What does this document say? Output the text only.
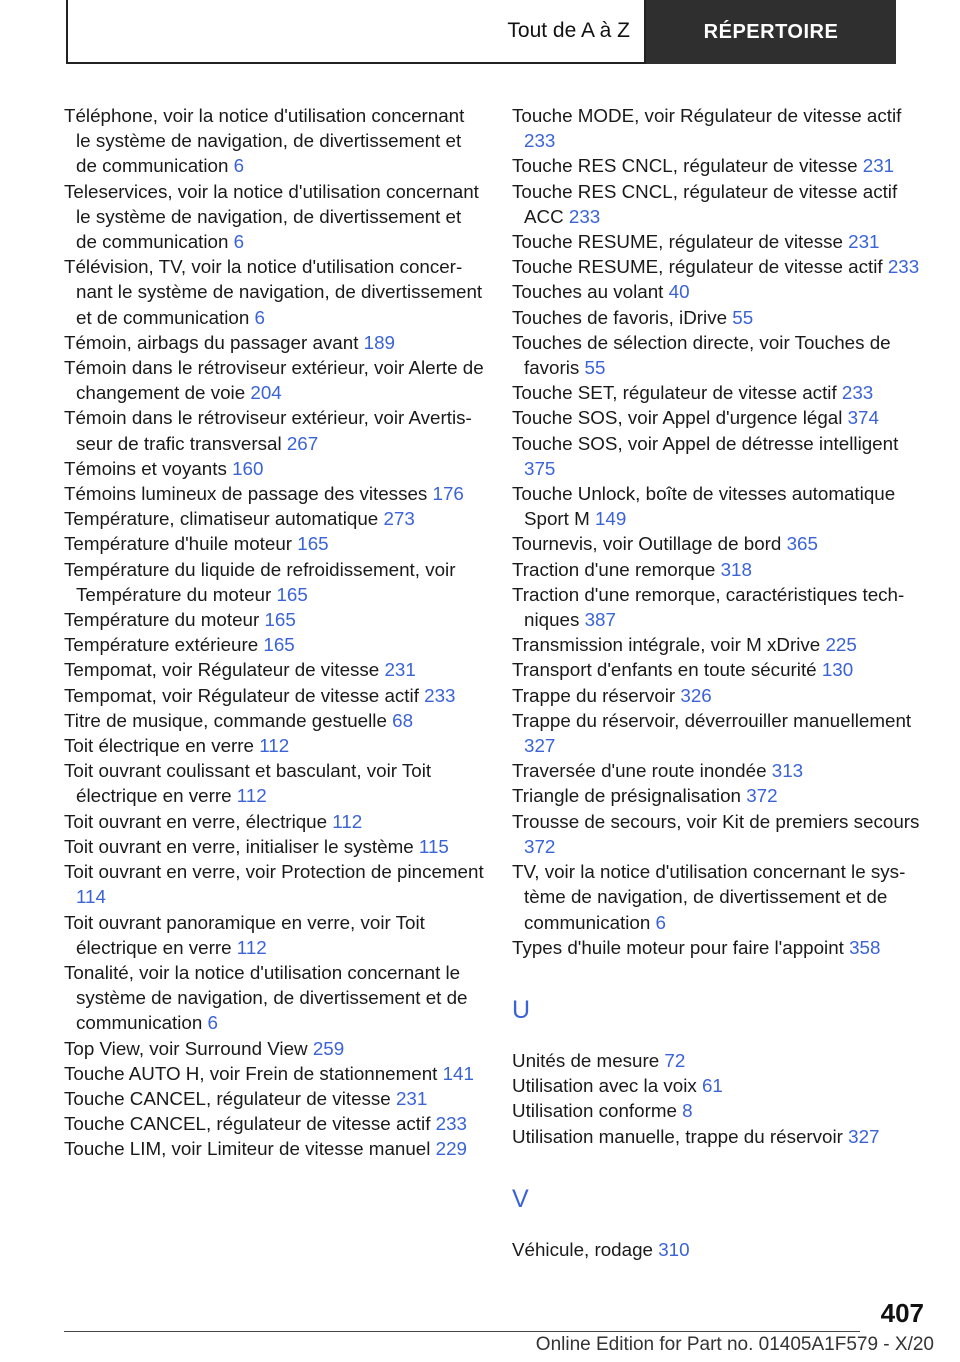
Tout de A à Z	RÉPERTOIRE
Téléphone, voir la notice d'utilisation concernant le système de navigation, de divertissement et de communication 6
Teleservices, voir la notice d'utilisation concernant le système de navigation, de divertissement et de communication 6
Télévision, TV, voir la notice d'utilisation concernant le système de navigation, de divertissement et de communication 6
Témoin, airbags du passager avant 189
Témoin dans le rétroviseur extérieur, voir Alerte de changement de voie 204
Témoin dans le rétroviseur extérieur, voir Avertisseur de trafic transversal 267
Témoins et voyants 160
Témoins lumineux de passage des vitesses 176
Température, climatiseur automatique 273
Température d'huile moteur 165
Température du liquide de refroidissement, voir Température du moteur 165
Température du moteur 165
Température extérieure 165
Tempomat, voir Régulateur de vitesse 231
Tempomat, voir Régulateur de vitesse actif 233
Titre de musique, commande gestuelle 68
Toit électrique en verre 112
Toit ouvrant coulissant et basculant, voir Toit électrique en verre 112
Toit ouvrant en verre, électrique 112
Toit ouvrant en verre, initialiser le système 115
Toit ouvrant en verre, voir Protection de pincement 114
Toit ouvrant panoramique en verre, voir Toit électrique en verre 112
Tonalité, voir la notice d'utilisation concernant le système de navigation, de divertissement et de communication 6
Top View, voir Surround View 259
Touche AUTO H, voir Frein de stationnement 141
Touche CANCEL, régulateur de vitesse 231
Touche CANCEL, régulateur de vitesse actif 233
Touche LIM, voir Limiteur de vitesse manuel 229
Touche MODE, voir Régulateur de vitesse actif 233
Touche RES CNCL, régulateur de vitesse 231
Touche RES CNCL, régulateur de vitesse actif ACC 233
Touche RESUME, régulateur de vitesse 231
Touche RESUME, régulateur de vitesse actif 233
Touches au volant 40
Touches de favoris, iDrive 55
Touches de sélection directe, voir Touches de favoris 55
Touche SET, régulateur de vitesse actif 233
Touche SOS, voir Appel d'urgence légal 374
Touche SOS, voir Appel de détresse intelligent 375
Touche Unlock, boîte de vitesses automatique Sport M 149
Tournevis, voir Outillage de bord 365
Traction d'une remorque 318
Traction d'une remorque, caractéristiques techniques 387
Transmission intégrale, voir M xDrive 225
Transport d'enfants en toute sécurité 130
Trappe du réservoir 326
Trappe du réservoir, déverrouiller manuellement 327
Traversée d'une route inondée 313
Triangle de présignalisation 372
Trousse de secours, voir Kit de premiers secours 372
TV, voir la notice d'utilisation concernant le système de navigation, de divertissement et de communication 6
Types d'huile moteur pour faire l'appoint 358
U
Unités de mesure 72
Utilisation avec la voix 61
Utilisation conforme 8
Utilisation manuelle, trappe du réservoir 327
V
Véhicule, rodage 310
407
Online Edition for Part no. 01405A1F579 - X/20
